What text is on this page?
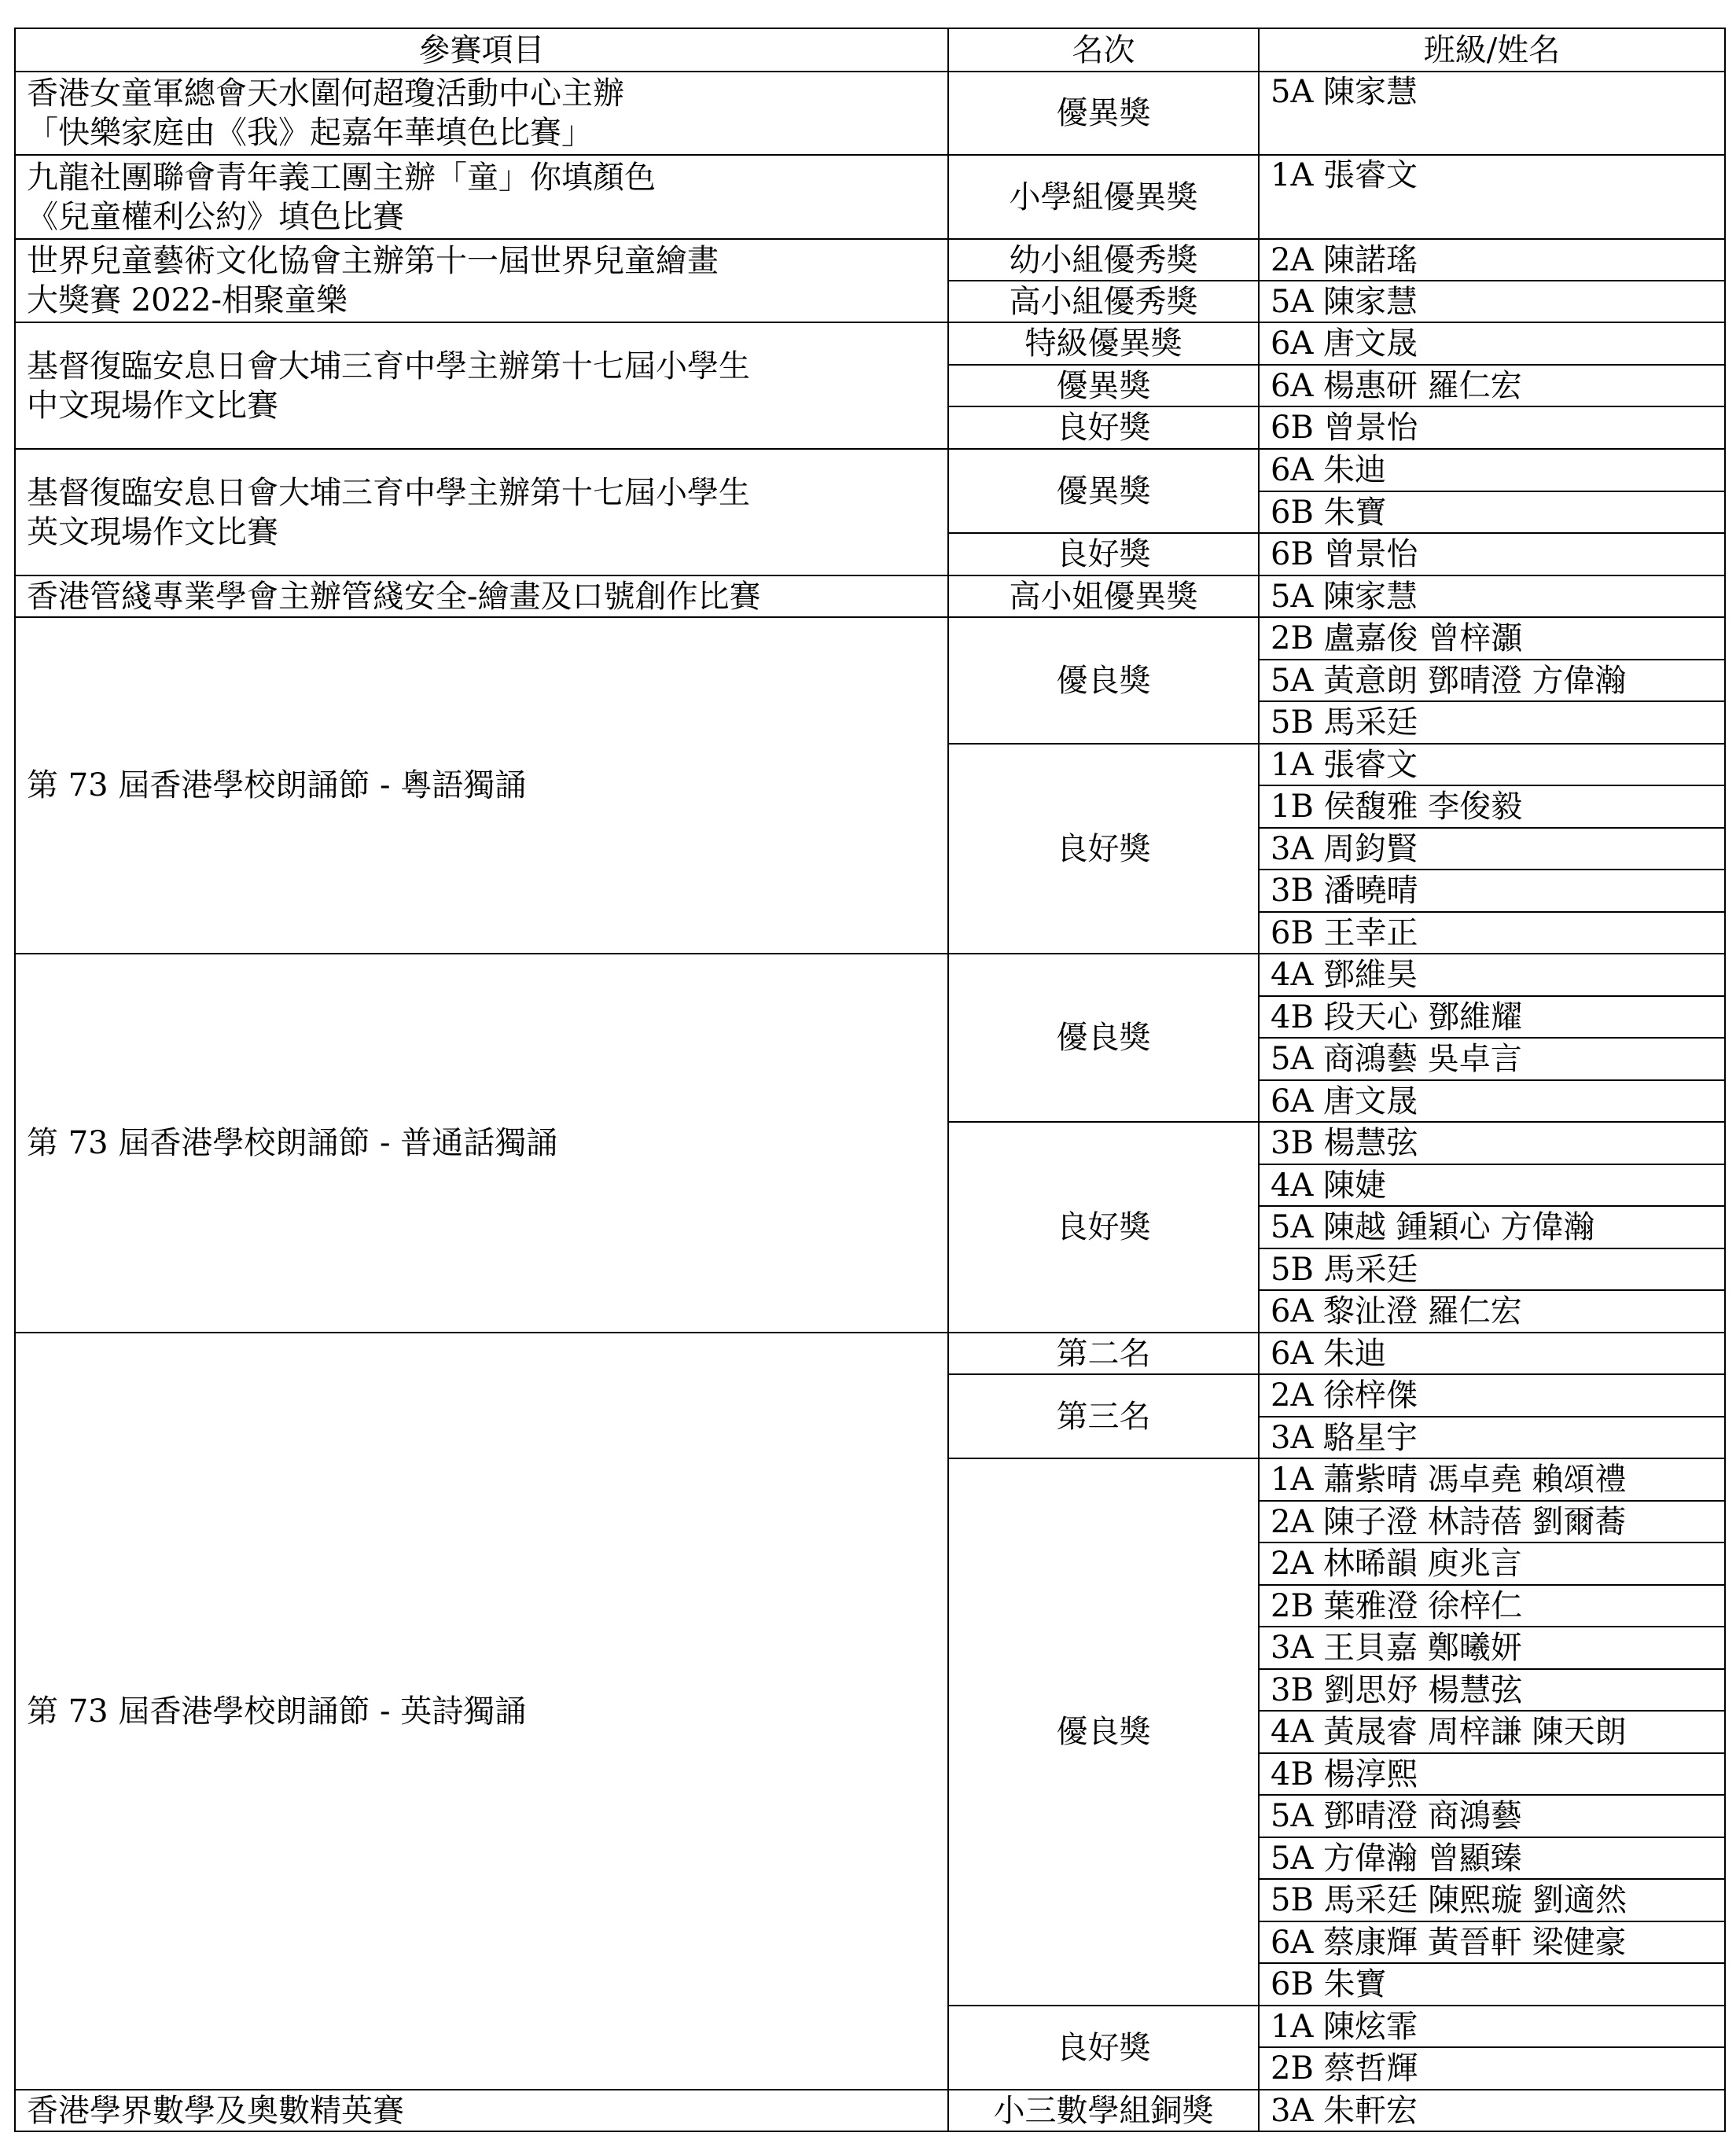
參賽項目	名次	班級/姓名

香港女童軍總會天水圍何超瓊活動中心主辦
「快樂家庭由《我》起嘉年華填色比賽」	優異獎	5A 陳家慧

九龍社團聯會青年義工團主辦「童」你填顏色
《兒童權利公約》填色比賽	小學組優異獎	1A 張睿文

世界兒童藝術文化協會主辦第十一屆世界兒童繪畫
大獎賽 2022-相聚童樂	幼小組優秀獎	2A 陳諾瑤
	高小組優秀獎	5A 陳家慧

基督復臨安息日會大埔三育中學主辦第十七屆小學生
中文現場作文比賽	特級優異獎	6A 唐文晟
	優異獎	6A 楊惠研 羅仁宏
	良好獎	6B 曾景怡

基督復臨安息日會大埔三育中學主辦第十七屆小學生
英文現場作文比賽	優異獎	6A 朱迪
		6B 朱寶
	良好獎	6B 曾景怡

香港管綫專業學會主辦管綫安全-繪畫及口號創作比賽	高小姐優異獎	5A 陳家慧

第 73 屆香港學校朗誦節 - 粵語獨誦	優良獎	2B 盧嘉俊 曾梓灝
		5A 黃意朗 鄧晴澄 方偉瀚
		5B 馬采廷
	良好獎	1A 張睿文
		1B 侯馥雅 李俊毅
		3A 周鈞賢
		3B 潘曉晴
		6B 王幸正

第 73 屆香港學校朗誦節 - 普通話獨誦	優良獎	4A 鄧維昊
		4B 段天心 鄧維耀
		5A 商鴻藝 吳卓言
		6A 唐文晟
	良好獎	3B 楊慧弦
		4A 陳婕
		5A 陳越 鍾穎心 方偉瀚
		5B 馬采廷
		6A 黎沚澄 羅仁宏

第 73 屆香港學校朗誦節 - 英詩獨誦	第二名	6A 朱迪
	第三名	2A 徐梓傑
		3A 駱星宇
	優良獎	1A 蕭紫晴 馮卓堯 賴頌禮
		2A 陳子澄 林詩蓓 劉爾蕎
		2A 林晞韻 庾兆言
		2B 葉雅澄 徐梓仁
		3A 王貝嘉 鄭曦妍
		3B 劉思妤 楊慧弦
		4A 黃晟睿 周梓謙 陳天朗
		4B 楊淳熙
		5A 鄧晴澄 商鴻藝
		5A 方偉瀚 曾顯臻
		5B 馬采廷 陳熙璇 劉適然
		6A 蔡康輝 黃晉軒 梁健豪
		6B 朱寶
	良好獎	1A 陳炫霏
		2B 蔡哲輝

香港學界數學及奧數精英賽	小三數學組銅獎	3A 朱軒宏
